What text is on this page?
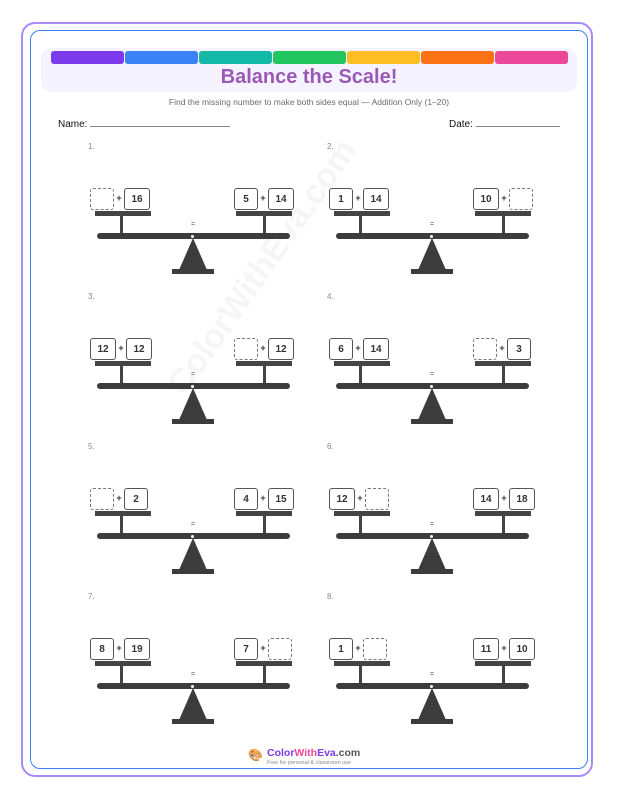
Balance the Scale!
Find the missing number to make both sides equal — Addition Only (1–20)
Name:	Date:
1.
+ 16	5	+ 14
=
2.
1	+ 14	10	+
=
3.
12	+ 12	+ 12
=
4.
6	+ 14	+	3
=
5.
+	2	4	+ 15
=
6.
12	+	14	+ 18
=
7.
8	+ 19	7	+
=
8.
1	+	11	+ 10
=
🎨 ColorWithEva.com
Free for personal & classroom use
